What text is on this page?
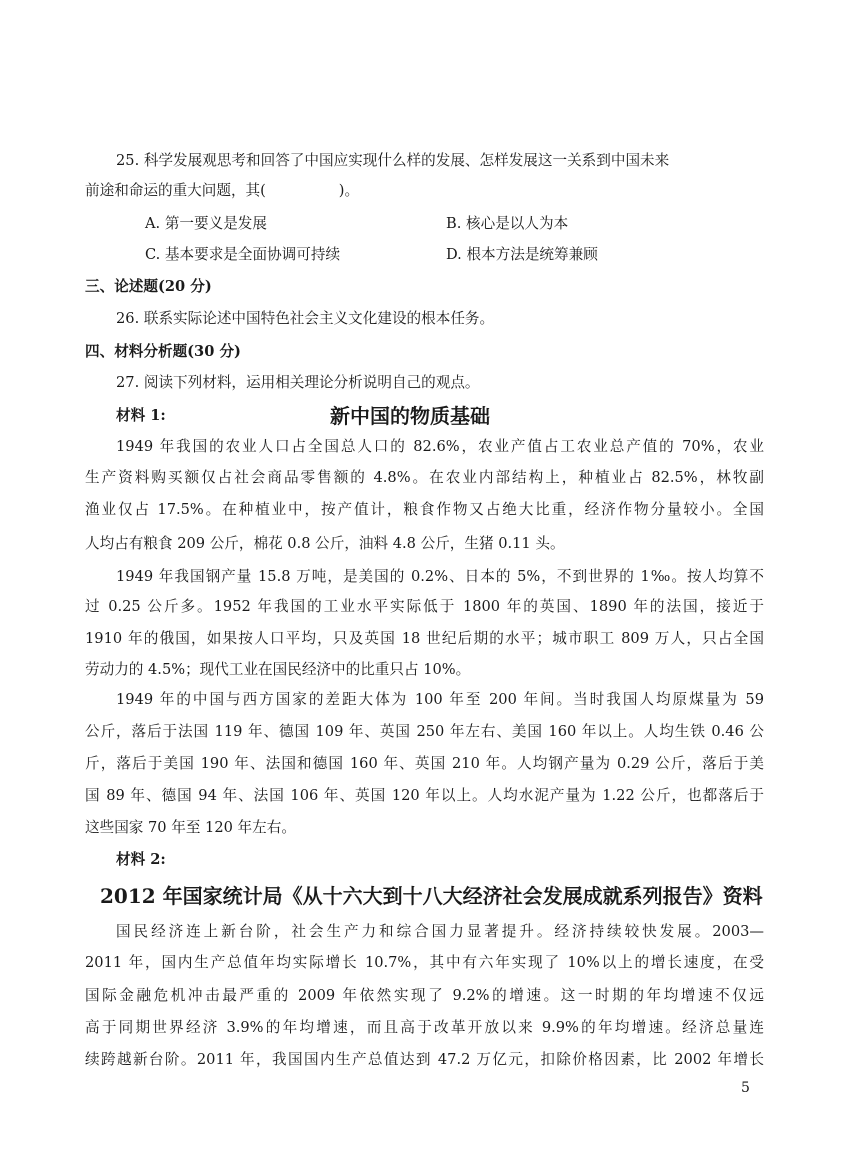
25. 科学发展观思考和回答了中国应实现什么样的发展、怎样发展这一关系到中国未来
前途和命运的重大问题，其(　　　　　)。
A. 第一要义是发展	B. 核心是以人为本
C. 基本要求是全面协调可持续	D. 根本方法是统筹兼顾
三、论述题(20 分)
26. 联系实际论述中国特色社会主义文化建设的根本任务。
四、材料分析题(30 分)
27. 阅读下列材料，运用相关理论分析说明自己的观点。
材料 1:	新中国的物质基础
1949 年我国的农业人口占全国总人口的 82.6%，农业产值占工农业总产值的 70%，农业
生产资料购买额仅占社会商品零售额的 4.8%。在农业内部结构上，种植业占 82.5%，林牧副
渔业仅占 17.5%。在种植业中，按产值计，粮食作物又占绝大比重，经济作物分量较小。全国
人均占有粮食 209 公斤，棉花 0.8 公斤，油料 4.8 公斤，生猪 0.11 头。
1949 年我国钢产量 15.8 万吨，是美国的 0.2%、日本的 5%，不到世界的 1‰。按人均算不
过 0.25 公斤多。1952 年我国的工业水平实际低于 1800 年的英国、1890 年的法国，接近于
1910 年的俄国，如果按人口平均，只及英国 18 世纪后期的水平；城市职工 809 万人，只占全国
劳动力的 4.5%；现代工业在国民经济中的比重只占 10%。
1949 年的中国与西方国家的差距大体为 100 年至 200 年间。当时我国人均原煤量为 59
公斤，落后于法国 119 年、德国 109 年、英国 250 年左右、美国 160 年以上。人均生铁 0.46 公
斤，落后于美国 190 年、法国和德国 160 年、英国 210 年。人均钢产量为 0.29 公斤，落后于美
国 89 年、德国 94 年、法国 106 年、英国 120 年以上。人均水泥产量为 1.22 公斤，也都落后于
这些国家 70 年至 120 年左右。
材料 2:
2012 年国家统计局《从十六大到十八大经济社会发展成就系列报告》资料
国民经济连上新台阶，社会生产力和综合国力显著提升。经济持续较快发展。2003—
2011 年，国内生产总值年均实际增长 10.7%，其中有六年实现了 10%以上的增长速度，在受
国际金融危机冲击最严重的 2009 年依然实现了 9.2%的增速。这一时期的年均增速不仅远
高于同期世界经济 3.9%的年均增速，而且高于改革开放以来 9.9%的年均增速。经济总量连
续跨越新台阶。2011 年，我国国内生产总值达到 47.2 万亿元，扣除价格因素，比 2002 年增长
5
